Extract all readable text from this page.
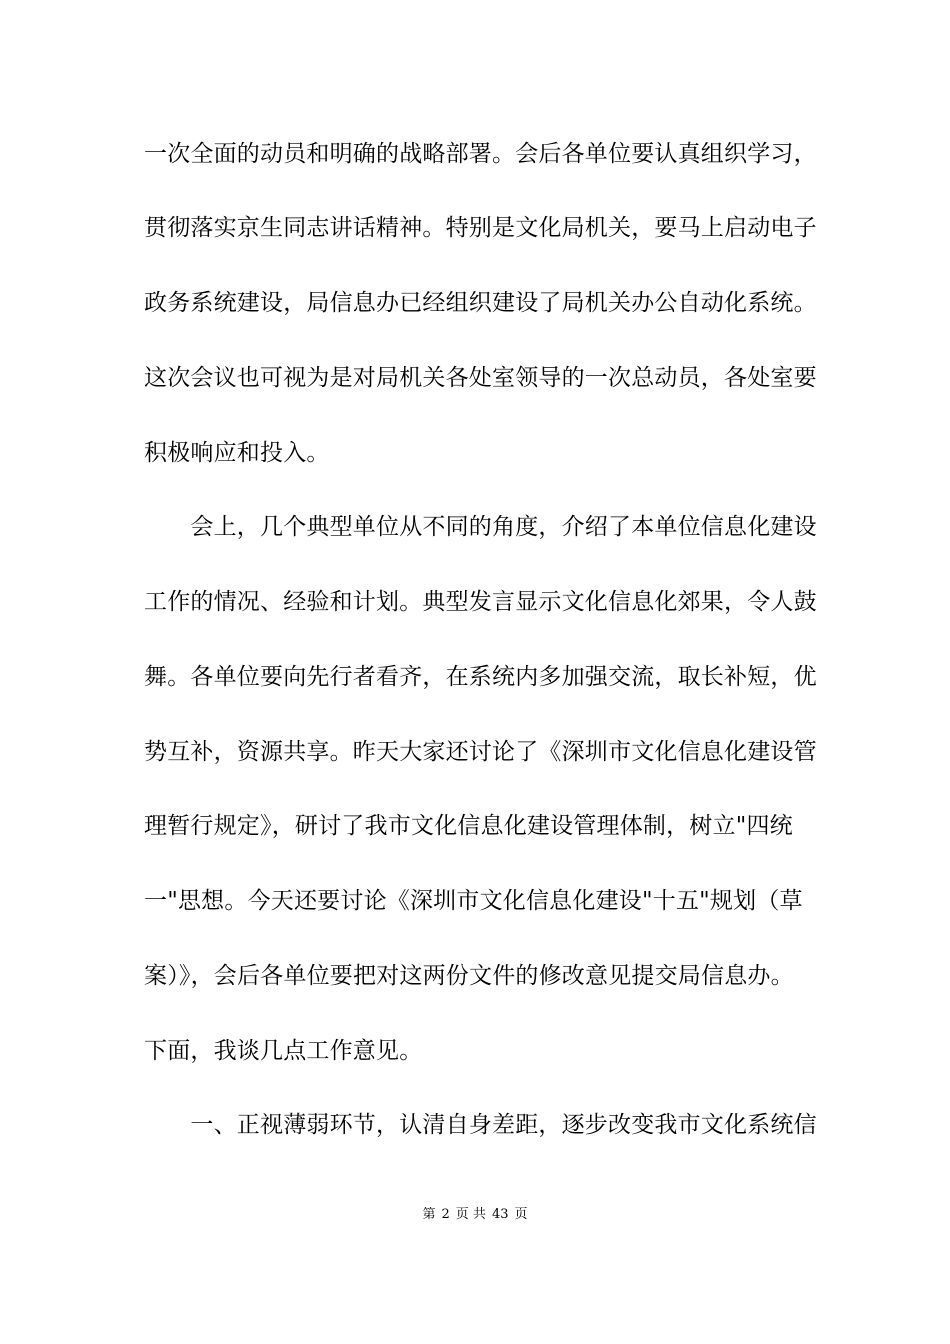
一次全面的动员和明确的战略部署。会后各单位要认真组织学习，
贯彻落实京生同志讲话精神。特别是文化局机关，要马上启动电子
政务系统建设，局信息办已经组织建设了局机关办公自动化系统。
这次会议也可视为是对局机关各处室领导的一次总动员，各处室要
积极响应和投入。
　　会上，几个典型单位从不同的角度，介绍了本单位信息化建设
工作的情况、经验和计划。典型发言显示文化信息化郊果，令人鼓
舞。各单位要向先行者看齐，在系统内多加强交流，取长补短，优
势互补，资源共享。昨天大家还讨论了《深圳市文化信息化建设管
理暂行规定》，研讨了我市文化信息化建设管理体制，树立"四统
一"思想。今天还要讨论《深圳市文化信息化建设"十五"规划（草
案）》，会后各单位要把对这两份文件的修改意见提交局信息办。
下面，我谈几点工作意见。
　　一、正视薄弱环节，认清自身差距，逐步改变我市文化系统信
第 2 页 共 43 页
